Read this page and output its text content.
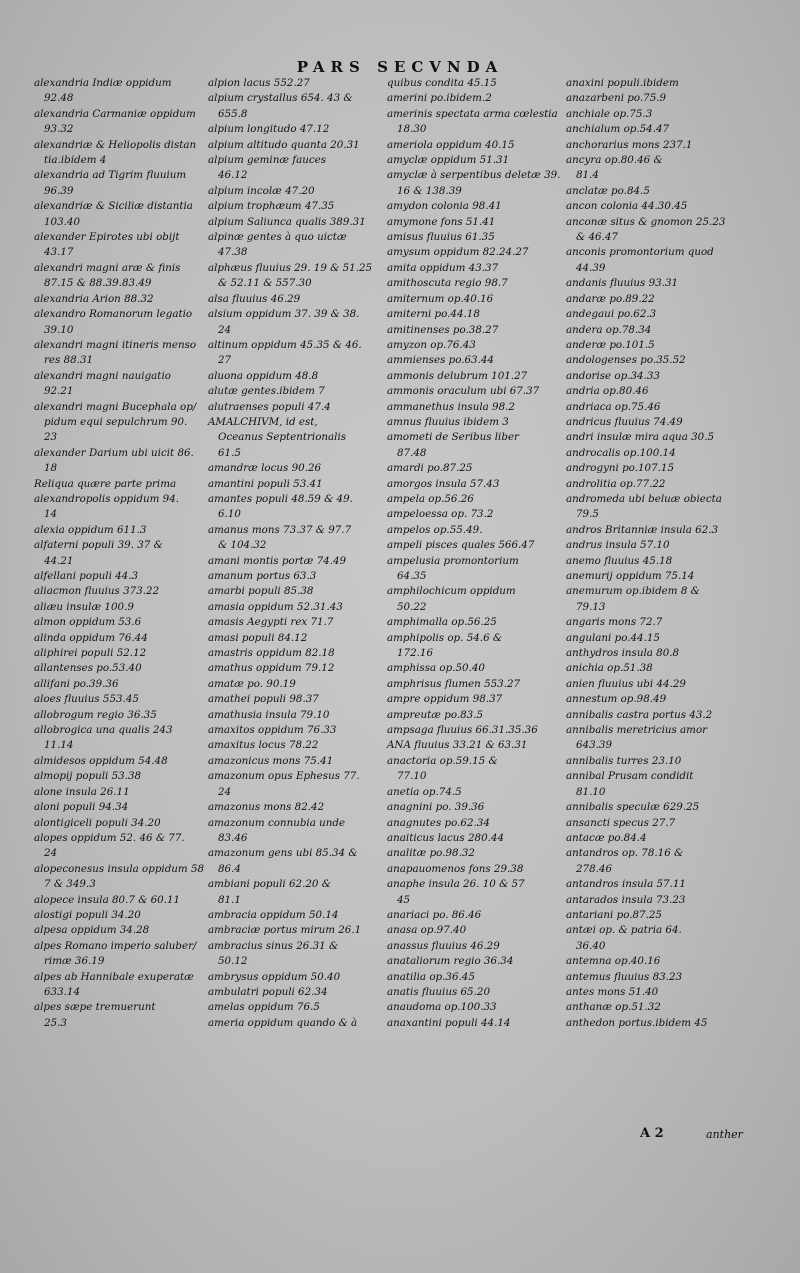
PARS SECVNDA
alexandria Indiæ oppidum
92.48
alexandria Carmaniæ oppidum
93.32
alexandriæ & Heliopolis distan
tia.ibidem 4
alexandria ad Tigrim fluuium
96.39
alexandriæ & Siciliæ distantia
103.40
alexander Epirotes ubi obijt
43.17
alexandri magni aræ & finis
87.15 & 88.39.83.49
alexandria Arion 88.32
alexandro Romanorum legatio
39.10
alexandri magni itineris menso
res 88.31
alexandri magni nauigatio
92.21
alexandri magni Bucephala op/
pidum equi sepulchrum 90.
23
alexander Darium ubi uicit 86.
18
Reliqua quære parte prima
alexandropolis oppidum 94.
14
alexia oppidum 611.3
alfaterni populi 39. 37 &
44.21
alfellani populi 44.3
aliacmon fluuius 373.22
aliæu insulæ 100.9
almon oppidum 53.6
alinda oppidum 76.44
aliphirei populi 52.12
allantenses po.53.40
allifani po.39.36
aloes fluuius 553.45
allobrogum regio 36.35
allobrogica una qualis 243
11.14
almidesos oppidum 54.48
almopij populi 53.38
alone insula 26.11
aloni populi 94.34
alontigiceli populi 34.20
alopes oppidum 52. 46 & 77.
24
alopeconesus insula oppidum 58
7 & 349.3
alopece insula 80.7 & 60.11
alostigi populi 34.20
alpesa oppidum 34.28
alpes Romano imperio saluber/
rimæ 36.19
alpes ab Hannibale exuperatæ
633.14
alpes sæpe tremuerunt
25.3
alpion lacus 552.27
alpium crystallus 654. 43 &
655.8
alpium longitudo 47.12
alpium altitudo quanta 20.31
alpium geminæ fauces
46.12
alpium incolæ 47.20
alpium trophæum 47.35
alpium Saliunca qualis 389.31
alpinæ gentes à quo uictæ
47.38
alphæus fluuius 29. 19 & 51.25
& 52.11 & 557.30
alsa fluuius 46.29
alsium oppidum 37. 39 & 38.
24
altinum oppidum 45.35 & 46.
27
aluona oppidum 48.8
alutæ gentes.ibidem 7
alutraenses populi 47.4
AMALCHIVM, id est,
Oceanus Septentrionalis
61.5
amandræ locus 90.26
amantini populi 53.41
amantes populi 48.59 & 49.
6.10
amanus mons 73.37 & 97.7
& 104.32
amani montis portæ 74.49
amanum portus 63.3
amarbi populi 85.38
amasia oppidum 52.31.43
amasis Aegypti rex 71.7
amasi populi 84.12
amastris oppidum 82.18
amathus oppidum 79.12
amatæ po. 90.19
amathei populi 98.37
amathusia insula 79.10
amaxitos oppidum 76.33
amaxitus locus 78.22
amazonicus mons 75.41
amazonum opus Ephesus 77.
24
amazonus mons 82.42
amazonum connubia unde
83.46
amazonum gens ubi 85.34 &
86.4
ambiani populi 62.20 &
81.1
ambracia oppidum 50.14
ambraciæ portus mirum 26.1
ambracius sinus 26.31 &
50.12
ambrysus oppidum 50.40
ambulatri populi 62.34
amelas oppidum 76.5
ameria oppidum quando & à
quibus condita 45.15
amerini po.ibidem.2
amerinis spectata arma cœlestia
18.30
ameriola oppidum 40.15
amyclæ oppidum 51.31
amyclæ à serpentibus deletæ 39.
16 & 138.39
amydon colonia 98.41
amymone fons 51.41
amisus fluuius 61.35
amysum oppidum 82.24.27
amita oppidum 43.37
amithoscuta regio 98.7
amiternum op.40.16
amiterni po.44.18
amitinenses po.38.27
amyzon op.76.43
ammienses po.63.44
ammonis delubrum 101.27
ammonis oraculum ubi 67.37
ammanethus insula 98.2
amnus fluuius ibidem 3
amometi de Seribus liber
87.48
amardi po.87.25
amorgos insula 57.43
ampela op.56.26
ampeloessa op. 73.2
ampelos op.55.49.
ampeli pisces quales 566.47
ampelusia promontorium
64.35
amphilochicum oppidum
50.22
amphimalla op.56.25
amphipolis op. 54.6 &
172.16
amphissa op.50.40
amphrisus flumen 553.27
ampre oppidum 98.37
ampreutæ po.83.5
ampsaga fluuius 66.31.35.36
ANA fluuius 33.21 & 63.31
anactoria op.59.15 &
77.10
anetia op.74.5
anagnini po. 39.36
anagnutes po.62.34
anaiticus lacus 280.44
analitæ po.98.32
anapauomenos fons 29.38
anaphe insula 26. 10 & 57
45
anariaci po. 86.46
anasa op.97.40
anassus fluuius 46.29
anataliorum regio 36.34
anatilia op.36.45
anatis fluuius 65.20
anaudoma op.100.33
anaxantini populi 44.14
anaxini populi.ibidem
anazarbeni po.75.9
anchiale op.75.3
anchialum op.54.47
anchorarius mons 237.1
ancyra op.80.46 &
81.4
anclatæ po.84.5
ancon colonia 44.30.45
anconæ situs & gnomon 25.23
& 46.47
anconis promontorium quod
44.39
andanis fluuius 93.31
andaræ po.89.22
andegaui po.62.3
andera op.78.34
anderæ po.101.5
andologenses po.35.52
andorise op.34.33
andria op.80.46
andriaca op.75.46
andricus fluuius 74.49
andri insulæ mira aqua 30.5
androcalis op.100.14
androgyni po.107.15
androlitia op.77.22
andromeda ubi beluæ obiecta
79.5
andros Britanniæ insula 62.3
andrus insula 57.10
anemo fluuius 45.18
anemurij oppidum 75.14
anemurum op.ibidem 8 &
79.13
angaris mons 72.7
angulani po.44.15
anthydros insula 80.8
anichia op.51.38
anien fluuius ubi 44.29
annestum op.98.49
annibalis castra portus 43.2
annibalis meretricius amor
643.39
annibalis turres 23.10
annibal Prusam condidit
81.10
annibalis speculæ 629.25
ansancti specus 27.7
antacæ po.84.4
antandros op. 78.16 &
278.46
antandros insula 57.11
antarados insula 73.23
antariani po.87.25
antæi op. & patria 64.
36.40
antemna op.40.16
antemus fluuius 83.23
antes mons 51.40
anthanæ op.51.32
anthedon portus.ibidem 45
A 2	anther
